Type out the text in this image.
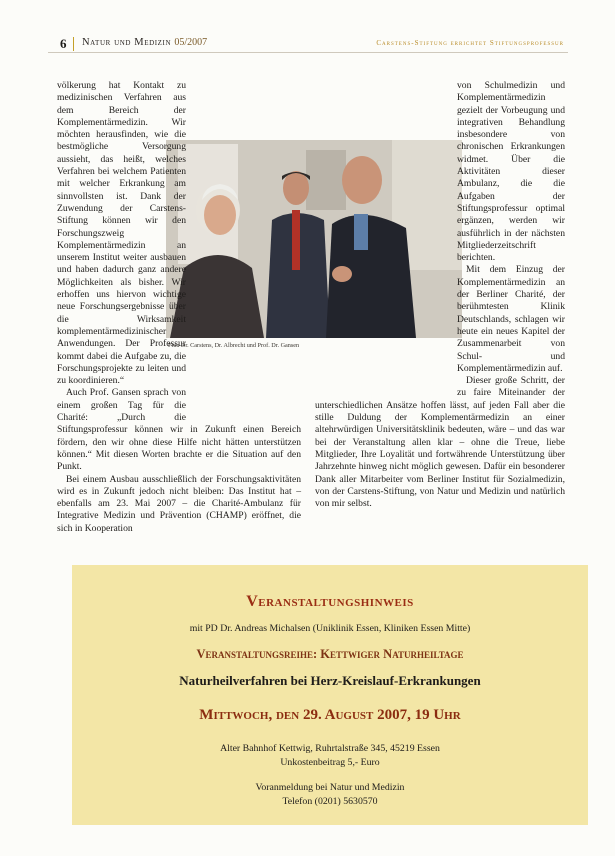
6 Natur und Medizin 05/2007	Carstens-Stiftung errichtet Stiftungsprofessur
Frau Dr. Carstens, Dr. Albrecht und Prof. Dr. Gansen

völkerung hat Kontakt zu medizinischen Verfahren aus dem Bereich der Komplementärmedizin. Wir möchten herausfinden, wie die bestmögliche Versorgung aussieht, das heißt, welches Verfahren bei welchem Patienten mit welcher Erkrankung am sinnvollsten ist. Dank der Zuwendung der Carstens-Stiftung können wir den Forschungszweig Komplementärmedizin an unserem Institut weiter ausbauen und haben dadurch ganz andere Möglichkeiten als bisher. Wir erhoffen uns hiervon wichtige neue Forschungsergebnisse über die Wirksamkeit komplementärmedizinischer Anwendungen. Der Professur kommt dabei die Aufgabe zu, die Forschungsprojekte zu leiten und zu koordinieren.“

Auch Prof. Gansen sprach von einem großen Tag für die Charité: „Durch die Stiftungsprofessur können wir in Zukunft einen Bereich fördern, den wir ohne diese Hilfe nicht hätten unterstützen können.“ Mit diesen Worten brachte er die Situation auf den Punkt.

Bei einem Ausbau ausschließlich der Forschungsaktivitäten wird es in Zukunft jedoch nicht bleiben: Das Institut hat – ebenfalls am 23. Mai 2007 – die Charité-Ambulanz für Integrative Medizin und Prävention (CHAMP) eröffnet, die sich in Kooperation

von Schulmedizin und Komplementärmedizin gezielt der Vorbeugung und integrativen Behandlung insbesondere von chronischen Erkrankungen widmet. Über die Aktivitäten dieser Ambulanz, die die Aufgaben der Stiftungsprofessur optimal ergänzen, werden wir ausführlich in der nächsten Mitgliederzeitschrift berichten.

Mit dem Einzug der Komplementärmedizin an der Berliner Charité, der berühmtesten Klinik Deutschlands, schlagen wir heute ein neues Kapitel der Zusammenarbeit von Schul- und Komplementärmedizin auf.

Dieser große Schritt, der zu faire Miteinander der unterschiedlichen Ansätze hoffen lässt, auf jeden Fall aber die stille Duldung der Komplementärmedizin an einer altehrwürdigen Universitätsklinik bedeuten, wäre – und das war bei der Veranstaltung allen klar – ohne die Treue, liebe Mitglieder, Ihre Loyalität und fortwährende Unterstützung über Jahrzehnte hinweg nicht möglich gewesen. Dafür ein besonderer Dank aller Mitarbeiter vom Berliner Institut für Sozialmedizin, von der Carstens-Stiftung, von Natur und Medizin und natürlich von mir selbst.

Veranstaltungshinweis
mit PD Dr. Andreas Michalsen (Uniklinik Essen, Kliniken Essen Mitte)
Veranstaltungsreihe: Kettwiger Naturheiltage
Naturheilverfahren bei Herz-Kreislauf-Erkrankungen
Mittwoch, den 29. August 2007, 19 Uhr
Alter Bahnhof Kettwig, Ruhrtalstraße 345, 45219 Essen
Unkostenbeitrag 5,- Euro
Voranmeldung bei Natur und Medizin
Telefon (0201) 5630570
